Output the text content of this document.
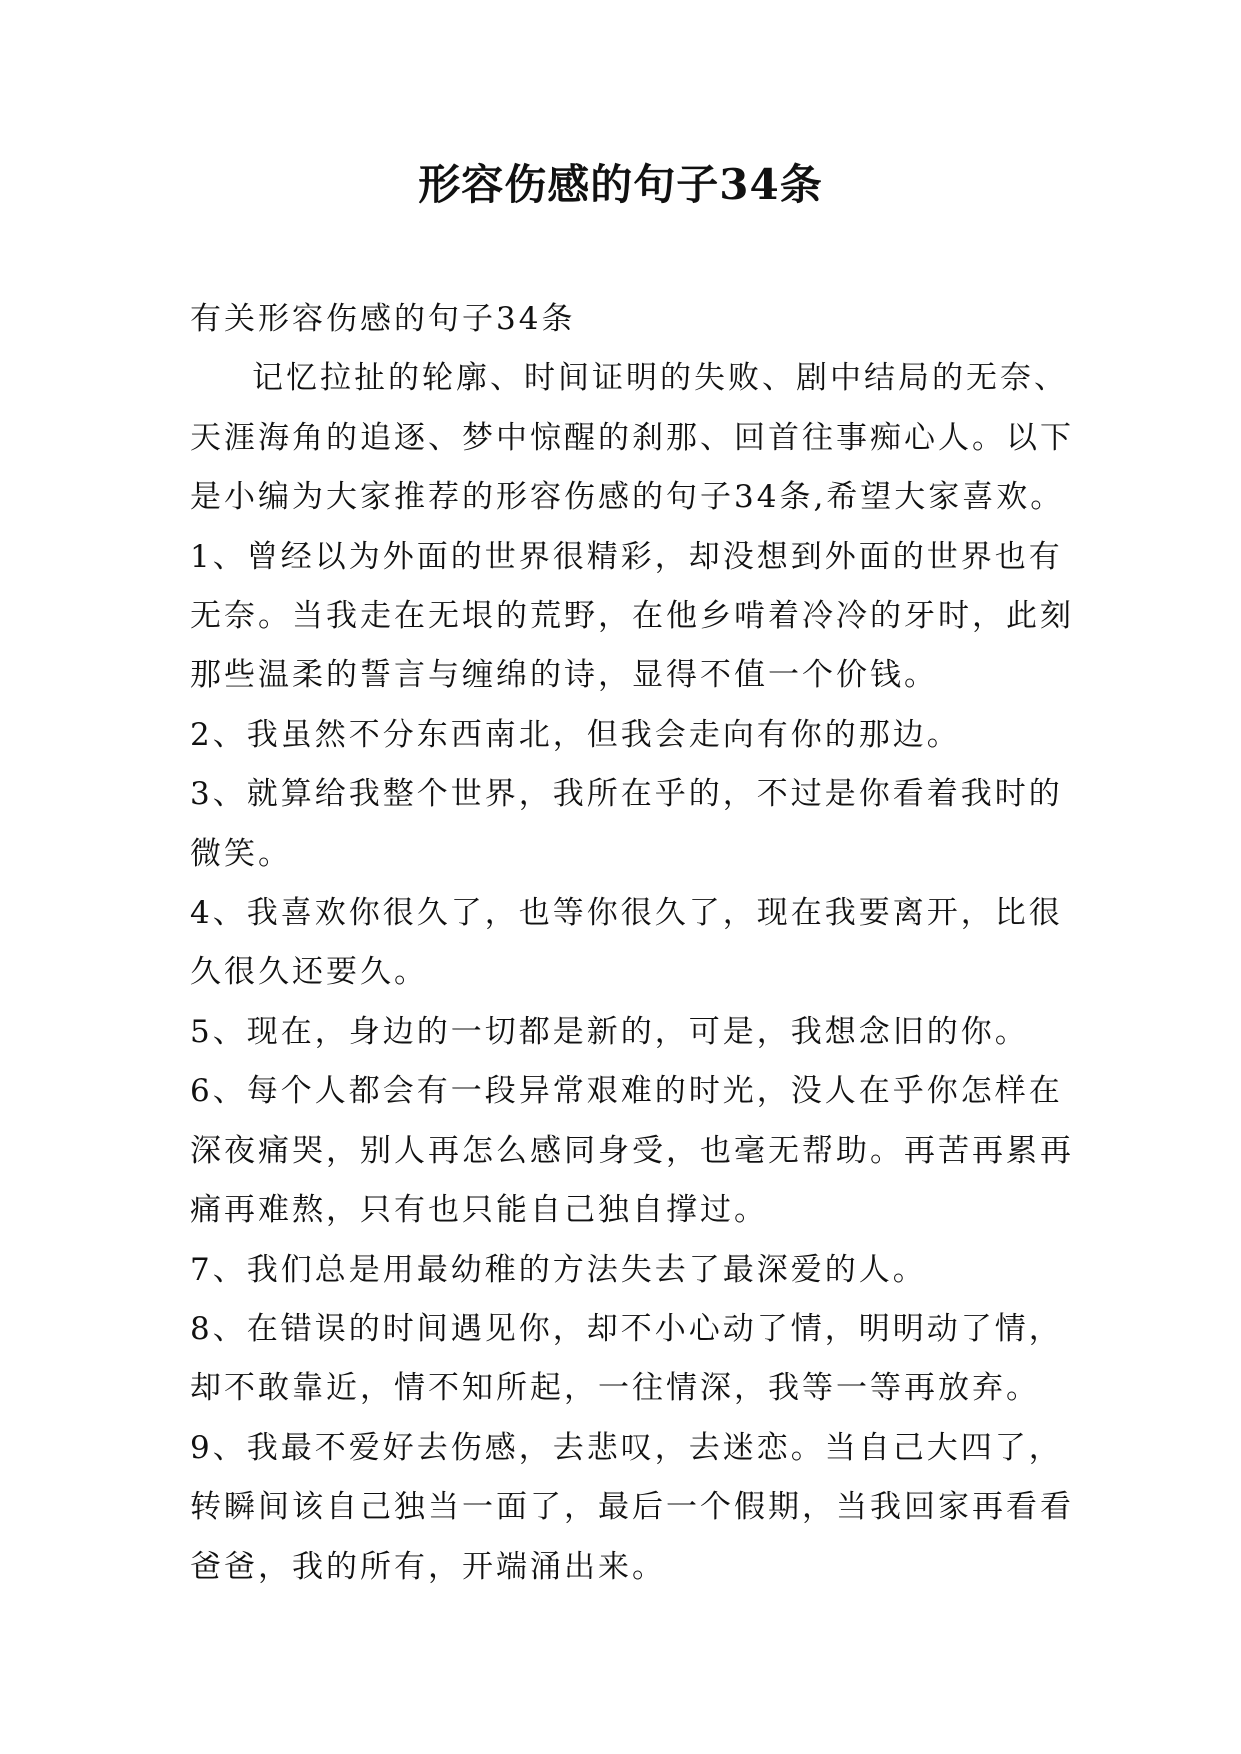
形容伤感的句子34条

有关形容伤感的句子34条

记忆拉扯的轮廓、时间证明的失败、剧中结局的无奈、天涯海角的追逐、梦中惊醒的刹那、回首往事痴心人。以下是小编为大家推荐的形容伤感的句子34条,希望大家喜欢。

1、曾经以为外面的世界很精彩，却没想到外面的世界也有无奈。当我走在无垠的荒野，在他乡啃着冷冷的牙时，此刻那些温柔的誓言与缠绵的诗，显得不值一个价钱。

2、我虽然不分东西南北，但我会走向有你的那边。

3、就算给我整个世界，我所在乎的，不过是你看着我时的微笑。

4、我喜欢你很久了，也等你很久了，现在我要离开，比很久很久还要久。

5、现在，身边的一切都是新的，可是，我想念旧的你。

6、每个人都会有一段异常艰难的时光，没人在乎你怎样在深夜痛哭，别人再怎么感同身受，也毫无帮助。再苦再累再痛再难熬，只有也只能自己独自撑过。

7、我们总是用最幼稚的方法失去了最深爱的人。

8、在错误的时间遇见你，却不小心动了情，明明动了情，却不敢靠近，情不知所起，一往情深，我等一等再放弃。

9、我最不爱好去伤感，去悲叹，去迷恋。当自己大四了，转瞬间该自己独当一面了，最后一个假期，当我回家再看看爸爸，我的所有，开端涌出来。
